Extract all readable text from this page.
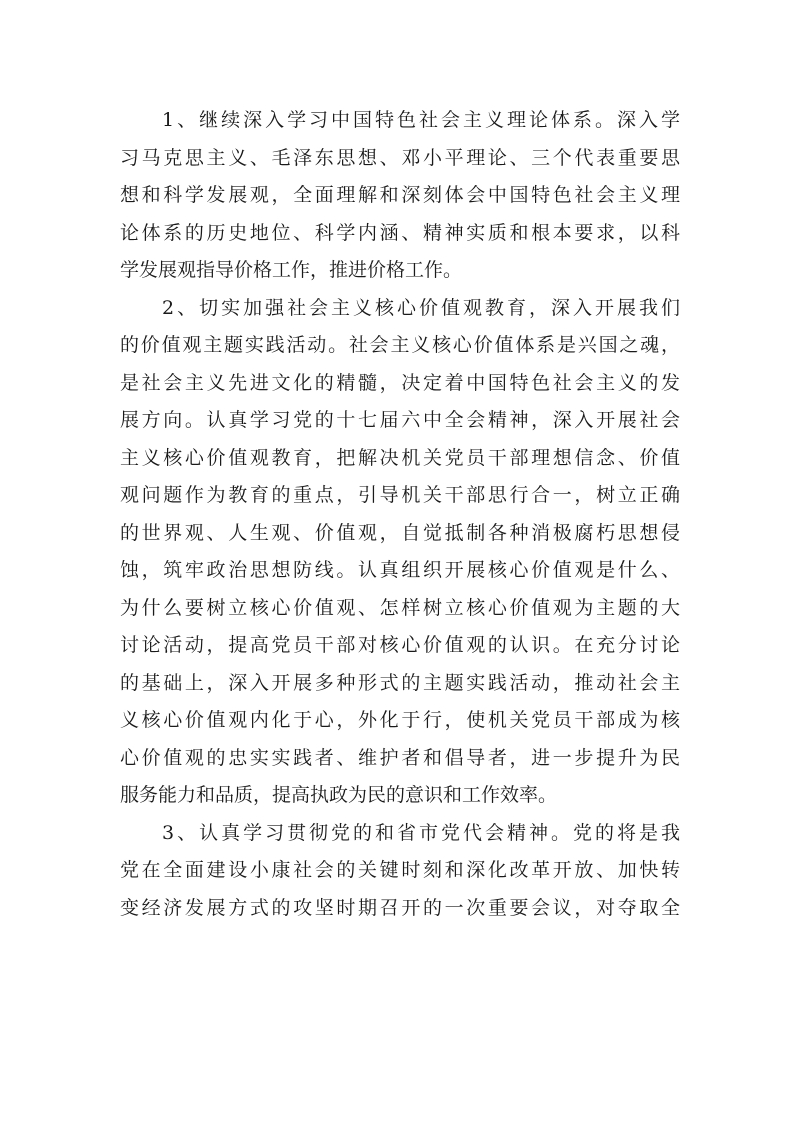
1、继续深入学习中国特色社会主义理论体系。深入学
习马克思主义、毛泽东思想、邓小平理论、三个代表重要思
想和科学发展观，全面理解和深刻体会中国特色社会主义理
论体系的历史地位、科学内涵、精神实质和根本要求，以科
学发展观指导价格工作，推进价格工作。
2、切实加强社会主义核心价值观教育，深入开展我们
的价值观主题实践活动。社会主义核心价值体系是兴国之魂，
是社会主义先进文化的精髓，决定着中国特色社会主义的发
展方向。认真学习党的十七届六中全会精神，深入开展社会
主义核心价值观教育，把解决机关党员干部理想信念、价值
观问题作为教育的重点，引导机关干部思行合一，树立正确
的世界观、人生观、价值观，自觉抵制各种消极腐朽思想侵
蚀，筑牢政治思想防线。认真组织开展核心价值观是什么、
为什么要树立核心价值观、怎样树立核心价值观为主题的大
讨论活动，提高党员干部对核心价值观的认识。在充分讨论
的基础上，深入开展多种形式的主题实践活动，推动社会主
义核心价值观内化于心，外化于行，使机关党员干部成为核
心价值观的忠实实践者、维护者和倡导者，进一步提升为民
服务能力和品质，提高执政为民的意识和工作效率。
3、认真学习贯彻党的和省市党代会精神。党的将是我
党在全面建设小康社会的关键时刻和深化改革开放、加快转
变经济发展方式的攻坚时期召开的一次重要会议，对夺取全
